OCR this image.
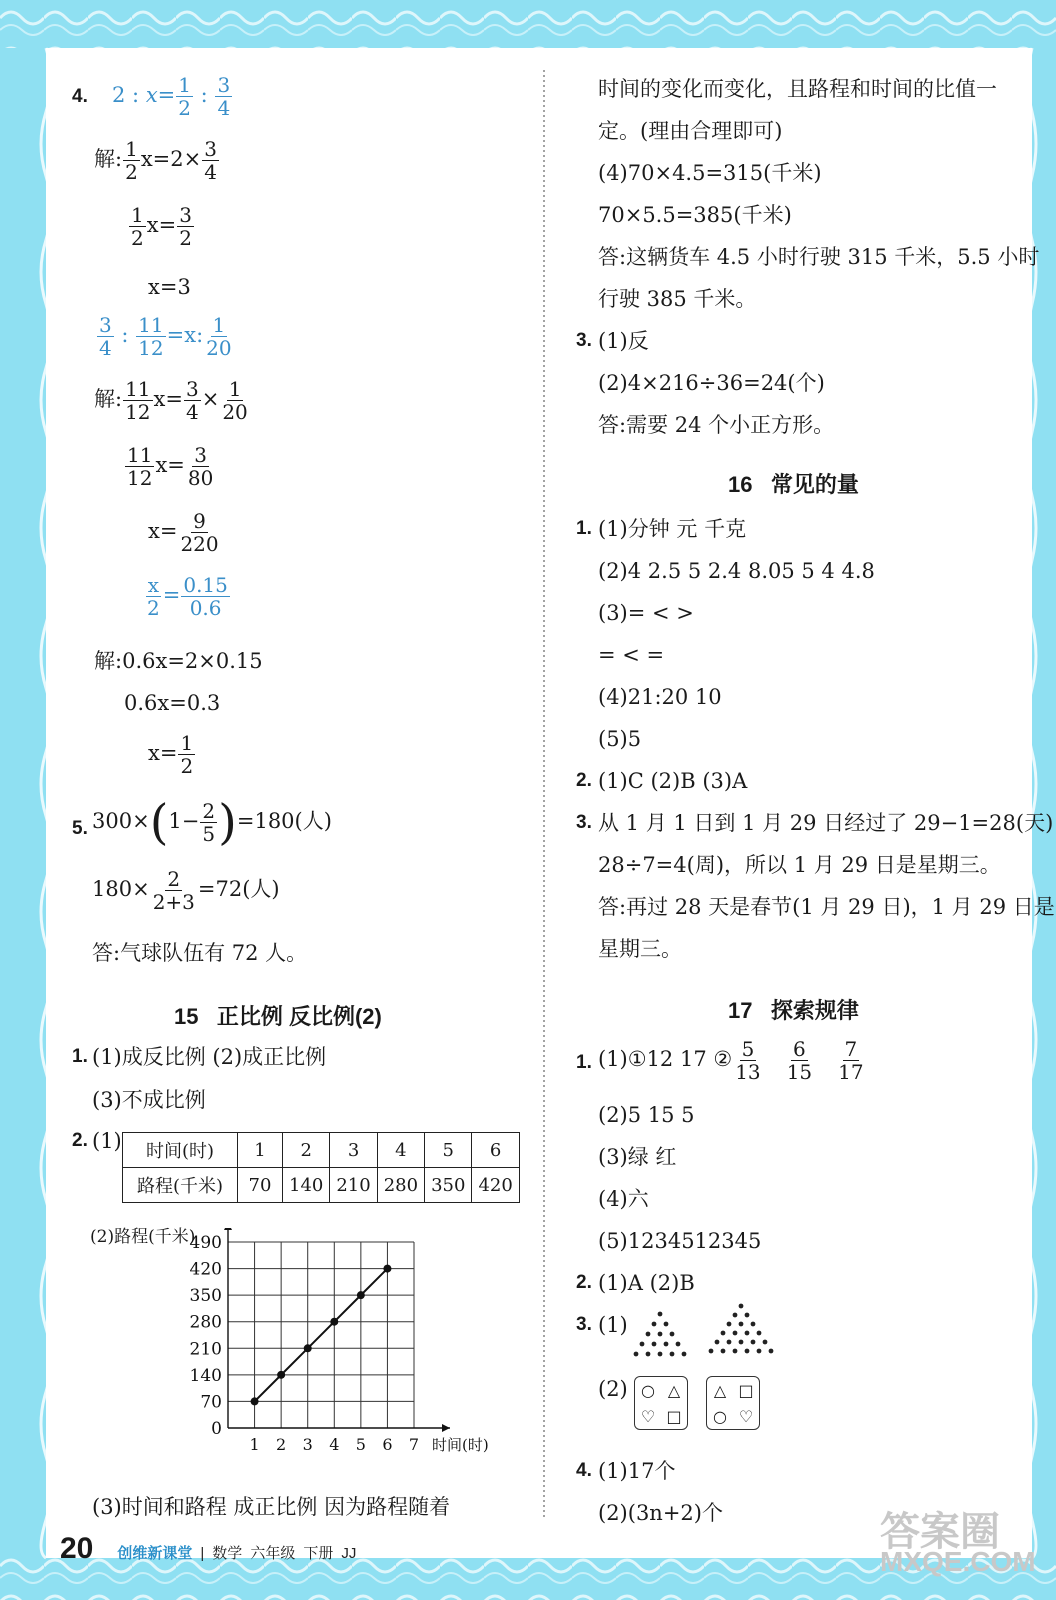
4. 2 : $x= \frac{1}{2}$ : $\frac{3}{4}$
解: $\frac{1}{2} x=2\times \frac{3}{4}$
$\frac{1}{2} x= \frac{3}{2}$
x=3
$\frac{3}{4}$ : $\frac{11}{12} =x$: $\frac{1}{20}$
解: $\frac{11}{12} x= \frac{3}{4} \times \frac{1}{20}$
$\frac{11}{12} x= \frac{3}{80}$
$x= \frac{9}{220}$
$\frac{x}{2} = \frac{0.15}{0.6}$
解:0.6x=2×0.15
0.6x=0.3
$x= \frac{1}{2}$
5. $300\times(1- \frac{2}{5} )=180$(人)
$180\times \frac{2}{2+3} =72$(人)
答:气球队伍有 72 人。
15 正比例 反比例(2)
1. (1)成反比例 (2)成正比例
(3)不成比例
2. (1) 时间(时)	1	2	3	4	5	6
路程(千米)	70	140	210	280	350	420
(2)路程(千米)
0
70
140
210
280
350
420
490
1 2 3 4 5 6 7 时间(时)
(3)时间和路程 成正比例 因为路程随着
时间的变化而变化，且路程和时间的比值一
定。(理由合理即可)
(4)70×4.5=315(千米)
70×5.5=385(千米)
答:这辆货车 4.5 小时行驶 315 千米，5.5 小时
行驶 385 千米。
3. (1)反
(2)4×216÷36=24(个)
答:需要 24 个小正方形。
16 常见的量
1. (1)分钟 元 千克
(2)4 2.5 5 2.4 8.05 5 4 4.8
(3)= < >
= < =
(4)21:20 10
(5)5
2. (1)C (2)B (3)A
3. 从 1 月 1 日到 1 月 29 日经过了 29−1=28(天)
28÷7=4(周)，所以 1 月 29 日是星期三。
答:再过 28 天是春节(1 月 29 日)，1 月 29 日是
星期三。
17 探索规律
1. (1)①12 17 ② $\frac{5}{13}$
$\frac{6}{15}$
$\frac{7}{17}$
(2)5 15 5
(3)绿 红
(4)六
(5)1234512345
2. (1)A (2)B
3. (1)
(2) ○ △
♡ □
△ □
○ ♡
4. (1)17个
(2)(3n+2)个
20 创维新课堂 | 数学 六年级 下册 JJ	答案圈
MXQE.COM
